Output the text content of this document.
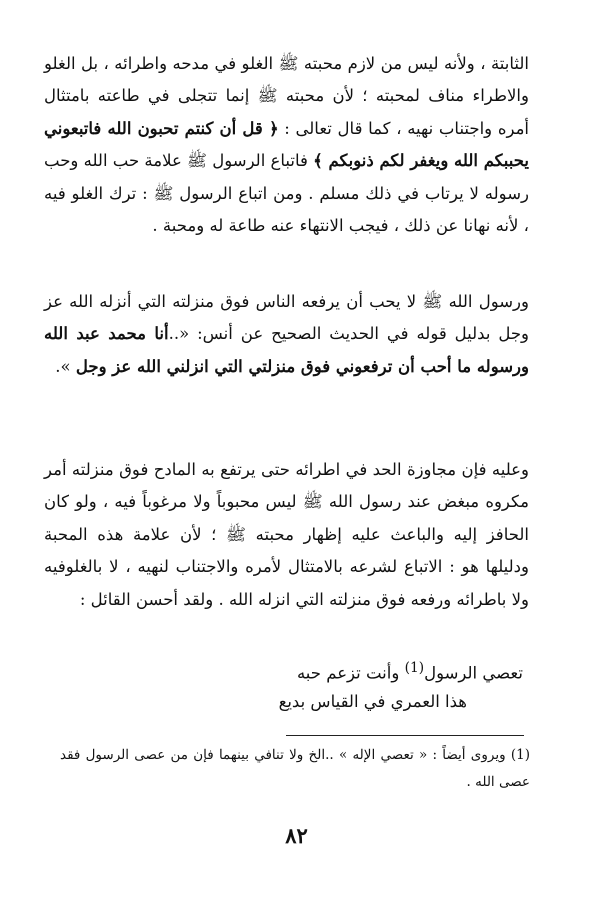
الثابتة ، ولأنه ليس من لازم محبته ﷺ الغلو في مدحه واطرائه ، بل الغلو والاطراء مناف لمحبته ؛ لأن محبته ﷺ إنما تتجلى في طاعته بامتثال أمره واجتناب نهيه ، كما قال تعالى : ﴿ قل أن كنتم تحبون الله فاتبعوني يحببكم الله ويغفر لكم ذنوبكم ﴾ فاتباع الرسول ﷺ علامة حب الله وحب رسوله لا يرتاب في ذلك مسلم . ومن اتباع الرسول ﷺ : ترك الغلو فيه ، لأنه نهانا عن ذلك ، فيجب الانتهاء عنه طاعة له ومحبة .

ورسول الله ﷺ لا يحب أن يرفعه الناس فوق منزلته التي أنزله الله عز وجل بدليل قوله في الحديث الصحيح عن أنس: «..أنا محمد عبد الله ورسوله ما أحب أن ترفعوني فوق منزلتي التي انزلني الله عز وجل ».

وعليه فإن مجاوزة الحد في اطرائه حتى يرتفع به المادح فوق منزلته أمر مكروه مبغض عند رسول الله ﷺ ليس محبوباً ولا مرغوباً فيه ، ولو كان الحافز إليه والباعث عليه إظهار محبته ﷺ ؛ لأن علامة هذه المحبة ودليلها هو : الاتباع لشرعه بالامتثال لأمره والاجتناب لنهيه ، لا بالغلوفيه ولا باطرائه ورفعه فوق منزلته التي انزله الله . ولقد أحسن القائل :

تعصي الرسول$^{(1)}$ وأنت تزعم حبه
هذا العمري في القياس بديع

(1) ويروى أيضاً : « تعصي الإله » ..الخ ولا تنافي بينهما فإن من عصى الرسول فقد عصى الله .

٨٢
